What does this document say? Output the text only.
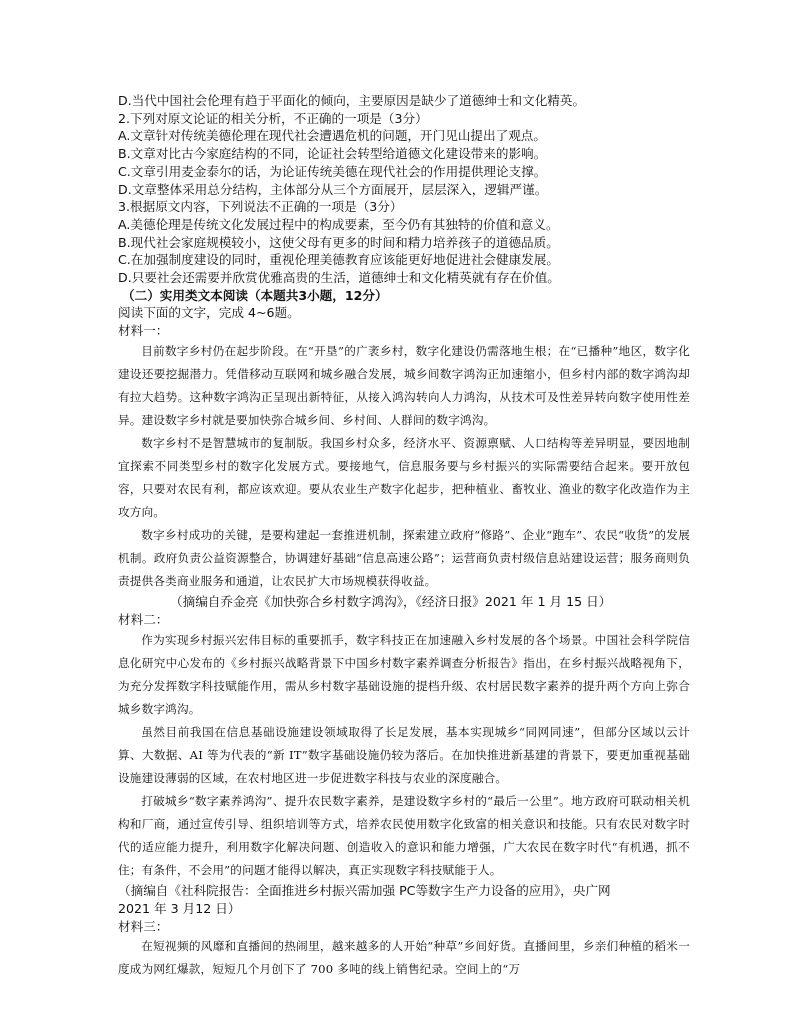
D.当代中国社会伦理有趋于平面化的倾向，主要原因是缺少了道德绅士和文化精英。
2.下列对原文论证的相关分析，不正确的一项是（3分）
A.文章针对传统美德伦理在现代社会遭遇危机的问题，开门见山提出了观点。
B.文章对比古今家庭结构的不同，论证社会转型给道德文化建设带来的影响。
C.文章引用麦金泰尔的话，为论证传统美德在现代社会的作用提供理论支撑。
D.文章整体采用总分结构，主体部分从三个方面展开，层层深入，逻辑严谨。
3.根据原文内容，下列说法不正确的一项是（3分）
A.美德伦理是传统文化发展过程中的构成要素，至今仍有其独特的价值和意义。
B.现代社会家庭规模较小，这使父母有更多的时间和精力培养孩子的道德品质。
C.在加强制度建设的同时，重视伦理美德教育应该能更好地促进社会健康发展。
D.只要社会还需要并欣赏优雅高贵的生活，道德绅士和文化精英就有存在价值。
（二）实用类文本阅读（本题共3小题，12分）
阅读下面的文字，完成 4~6题。
材料一：

目前数字乡村仍在起步阶段。在“开垦”的广袤乡村，数字化建设仍需落地生根；在“已播种”地区，数字化建设还要挖掘潜力。凭借移动互联网和城乡融合发展，城乡间数字鸿沟正加速缩小，但乡村内部的数字鸿沟却有拉大趋势。这种数字鸿沟正呈现出新特征，从接入鸿沟转向人力鸿沟，从技术可及性差异转向数字使用性差异。建设数字乡村就是要加快弥合城乡间、乡村间、人群间的数字鸿沟。

数字乡村不是智慧城市的复制版。我国乡村众多，经济水平、资源禀赋、人口结构等差异明显，要因地制宜探索不同类型乡村的数字化发展方式。要接地气，信息服务要与乡村振兴的实际需要结合起来。要开放包容，只要对农民有利，都应该欢迎。要从农业生产数字化起步，把种植业、畜牧业、渔业的数字化改造作为主攻方向。

数字乡村成功的关键，是要构建起一套推进机制，探索建立政府“修路”、企业“跑车”、农民“收货”的发展机制。政府负责公益资源整合，协调建好基础“信息高速公路”；运营商负责村级信息站建设运营；服务商则负责提供各类商业服务和通道，让农民扩大市场规模获得收益。

（摘编自乔金亮《加快弥合乡村数字鸿沟》，《经济日报》2021 年 1 月 15 日）
材料二：

作为实现乡村振兴宏伟目标的重要抓手，数字科技正在加速融入乡村发展的各个场景。中国社会科学院信息化研究中心发布的《乡村振兴战略背景下中国乡村数字素养调查分析报告》指出，在乡村振兴战略视角下，为充分发挥数字科技赋能作用，需从乡村数字基础设施的提档升级、农村居民数字素养的提升两个方向上弥合城乡数字鸿沟。

虽然目前我国在信息基础设施建设领域取得了长足发展，基本实现城乡“同网同速”，但部分区域以云计算、大数据、AI 等为代表的“新 IT”数字基础设施仍较为落后。在加快推进新基建的背景下，要更加重视基础设施建设薄弱的区域，在农村地区进一步促进数字科技与农业的深度融合。

打破城乡“数字素养鸿沟”、提升农民数字素养，是建设数字乡村的“最后一公里”。地方政府可联动相关机构和厂商，通过宣传引导、组织培训等方式，培养农民使用数字化致富的相关意识和技能。只有农民对数字时代的适应能力提升，利用数字化解决问题、创造收入的意识和能力增强，广大农民在数字时代“有机遇，抓不住；有条件，不会用”的问题才能得以解决，真正实现数字科技赋能于人。

（摘编自《社科院报告：全面推进乡村振兴需加强 PC等数字生产力设备的应用》，央广网
2021 年 3 月12 日）
材料三：

在短视频的风靡和直播间的热闹里，越来越多的人开始“种草”乡间好货。直播间里，乡亲们种植的稻米一度成为网红爆款，短短几个月创下了 700 多吨的线上销售纪录。空间上的“万
